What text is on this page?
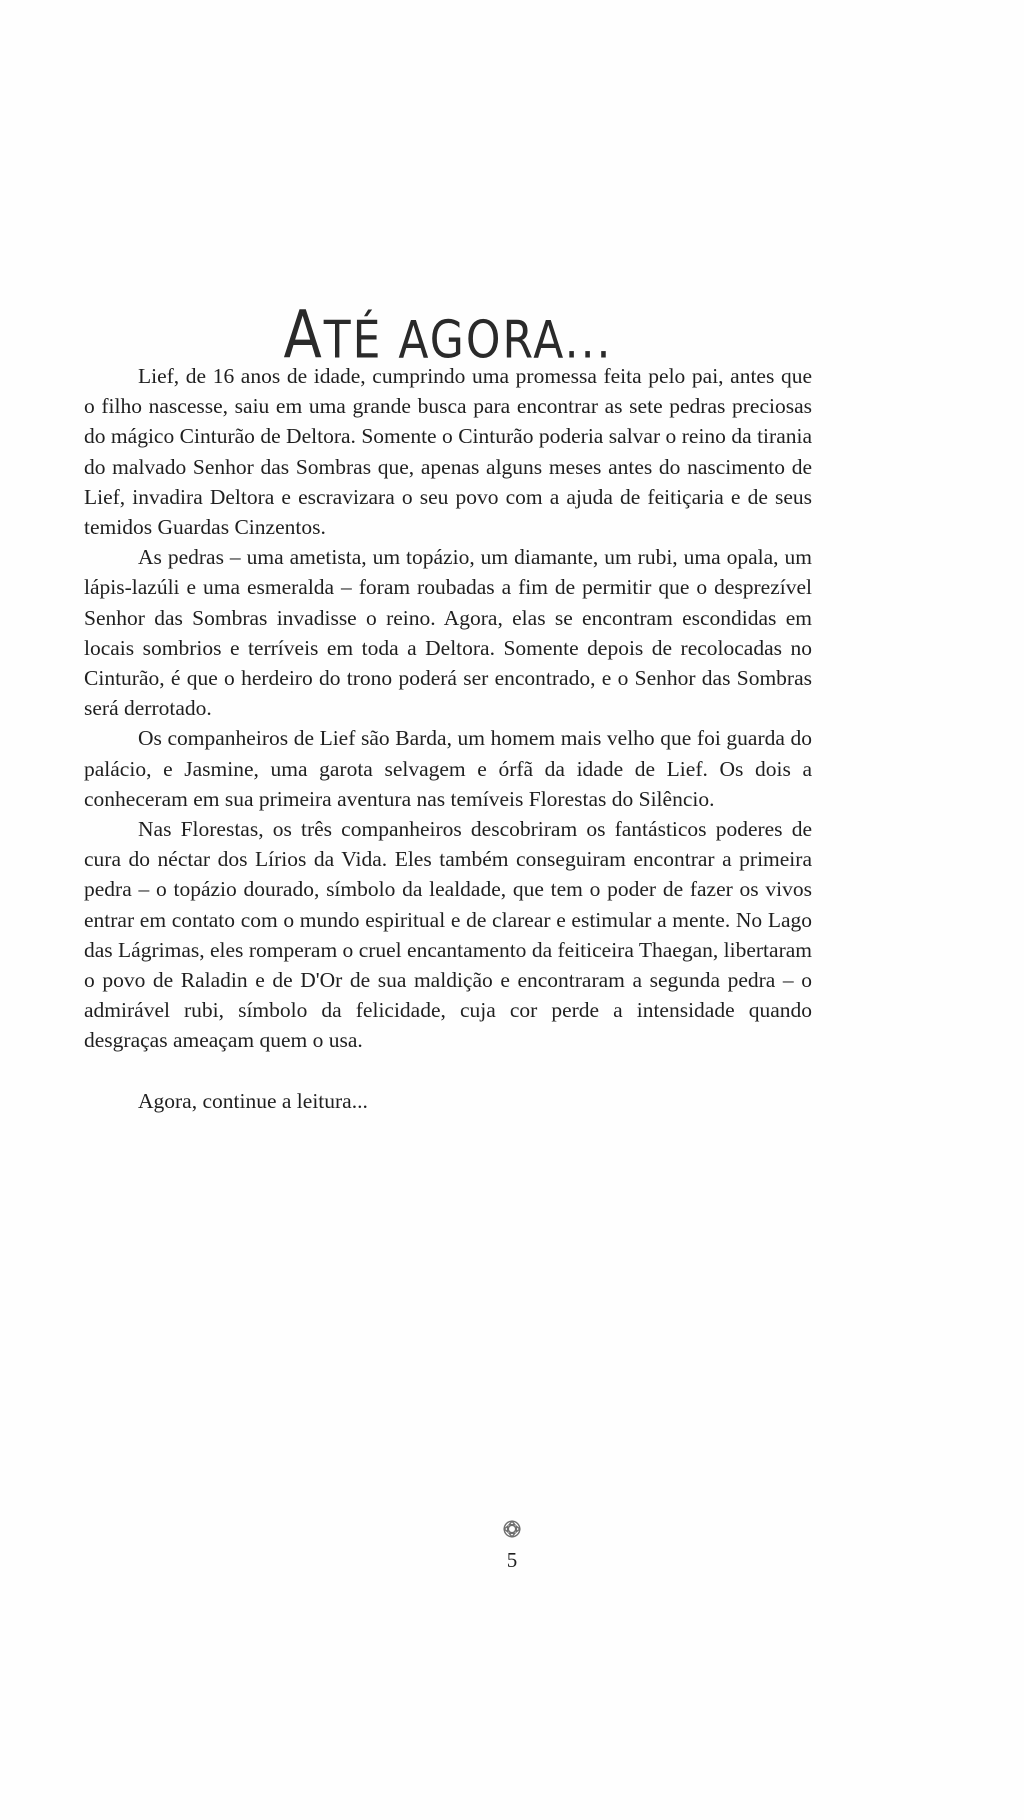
ATÉ AGORA...

Lief, de 16 anos de idade, cumprindo uma promessa feita pelo pai, antes que o filho nascesse, saiu em uma grande busca para encontrar as sete pedras preciosas do mágico Cinturão de Deltora. Somente o Cinturão poderia salvar o reino da tirania do malvado Senhor das Sombras que, apenas alguns meses antes do nascimento de Lief, invadira Deltora e escravizara o seu povo com a ajuda de feitiçaria e de seus temidos Guardas Cinzentos.

As pedras – uma ametista, um topázio, um diamante, um rubi, uma opala, um lápis-lazúli e uma esmeralda – foram roubadas a fim de permitir que o desprezível Senhor das Sombras invadisse o reino. Agora, elas se encontram escondidas em locais sombrios e terríveis em toda a Deltora. Somente depois de recolocadas no Cinturão, é que o herdeiro do trono poderá ser encontrado, e o Senhor das Sombras será derrotado.

Os companheiros de Lief são Barda, um homem mais velho que foi guarda do palácio, e Jasmine, uma garota selvagem e órfã da idade de Lief. Os dois a conheceram em sua primeira aventura nas temíveis Florestas do Silêncio.

Nas Florestas, os três companheiros descobriram os fantásticos poderes de cura do néctar dos Lírios da Vida. Eles também conseguiram encontrar a primeira pedra – o topázio dourado, símbolo da lealdade, que tem o poder de fazer os vivos entrar em contato com o mundo espiritual e de clarear e estimular a mente. No Lago das Lágrimas, eles romperam o cruel encantamento da feiticeira Thaegan, libertaram o povo de Raladin e de D'Or de sua maldição e encontraram a segunda pedra – o admirável rubi, símbolo da felicidade, cuja cor perde a intensidade quando desgraças ameaçam quem o usa.

Agora, continue a leitura...

5
